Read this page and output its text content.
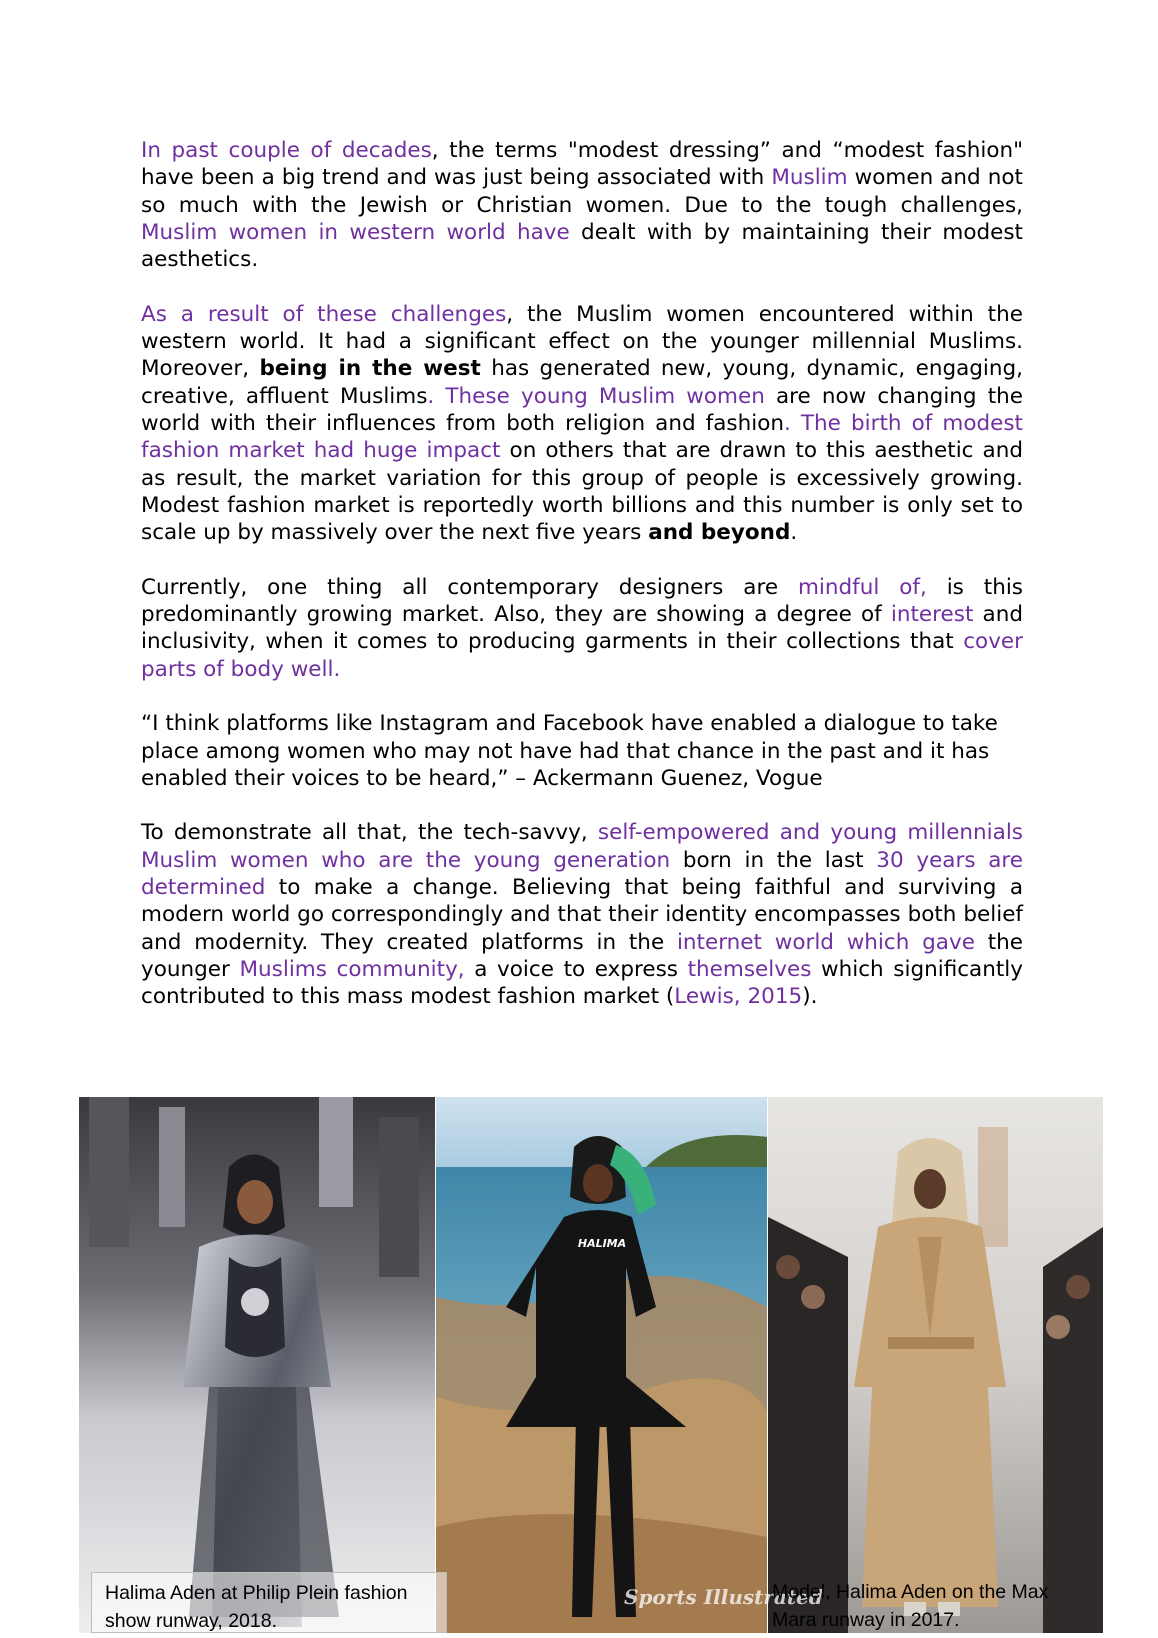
In past couple of decades, the terms "modest dressing” and “modest fashion" have been a big trend and was just being associated with Muslim women and not so much with the Jewish or Christian women. Due to the tough challenges, Muslim women in western world have dealt with by maintaining their modest aesthetics.

As a result of these challenges, the Muslim women encountered within the western world. It had a significant effect on the younger millennial Muslims. Moreover, being in the west has generated new, young, dynamic, engaging, creative, affluent Muslims. These young Muslim women are now changing the world with their influences from both religion and fashion. The birth of modest fashion market had huge impact on others that are drawn to this aesthetic and as result, the market variation for this group of people is excessively growing. Modest fashion market is reportedly worth billions and this number is only set to scale up by massively over the next five years and beyond.

Currently, one thing all contemporary designers are mindful of, is this predominantly growing market. Also, they are showing a degree of interest and inclusivity, when it comes to producing garments in their collections that cover parts of body well.

“I think platforms like Instagram and Facebook have enabled a dialogue to take place among women who may not have had that chance in the past and it has enabled their voices to be heard,” – Ackermann Guenez, Vogue

To demonstrate all that, the tech-savvy, self-empowered and young millennials Muslim women who are the young generation born in the last 30 years are determined to make a change. Believing that being faithful and surviving a modern world go correspondingly and that their identity encompasses both belief and modernity. They created platforms in the internet world which gave the younger Muslims community, a voice to express themselves which significantly contributed to this mass modest fashion market (Lewis, 2015).

HALIMA
Halima Aden at Philip Plein fashion show runway, 2018.
Sports Illustrated
Model, Halima Aden on the Max Mara runway in 2017.
